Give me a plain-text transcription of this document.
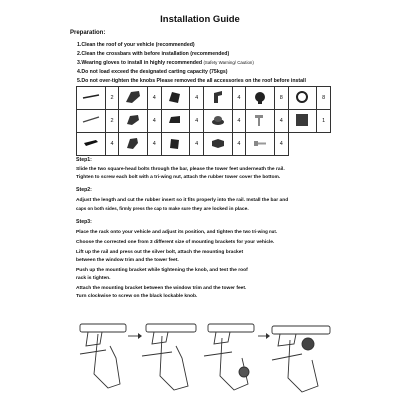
Installation Guide
Preparation:
1.Clean the roof of your vehicle (recommended)
2.Clean the crossbars with before installation (recommended)
3.Wearing gloves to install in highly recommended (Safety Warning/ Caution)
4.Do not load exceed the designated carting capacity (75kgs)
5.Do not over-tighten the knobs Please removed the all accessories on the roof before install
	2		4		4		4		8		8
	2		4		4		4		4		1
	4		4		4		4		4		
Step1:
Slide the two square-head bolts through the bar, please the tower feet underneath the rail.
Tighten to screw each bolt with a tri-wing nut, attach the rubber tower cover the bottom.
Step2:
Adjust the length and cut the rubber insert so it fits properly into the rail. Install the bar and
caps on both sides, firmly press the cap to make sure they are locked in place.
Step3:
Place the rack onto your vehicle and adjust its position, and tighten the two tri-wing nut.
Choose the corrected one from 3 different size of mounting brackets for your vehicle.
Lift up the rail and press out the silver bolt, attach the mounting bracket
between the window trim and the tower feet.
Push up the mounting bracket while tightening the knob, and test the roof
rack is tighten.
Attach the mounting bracket between the window trim and the tower feet.
Turn clockwise to screw on the black lockable knob.
